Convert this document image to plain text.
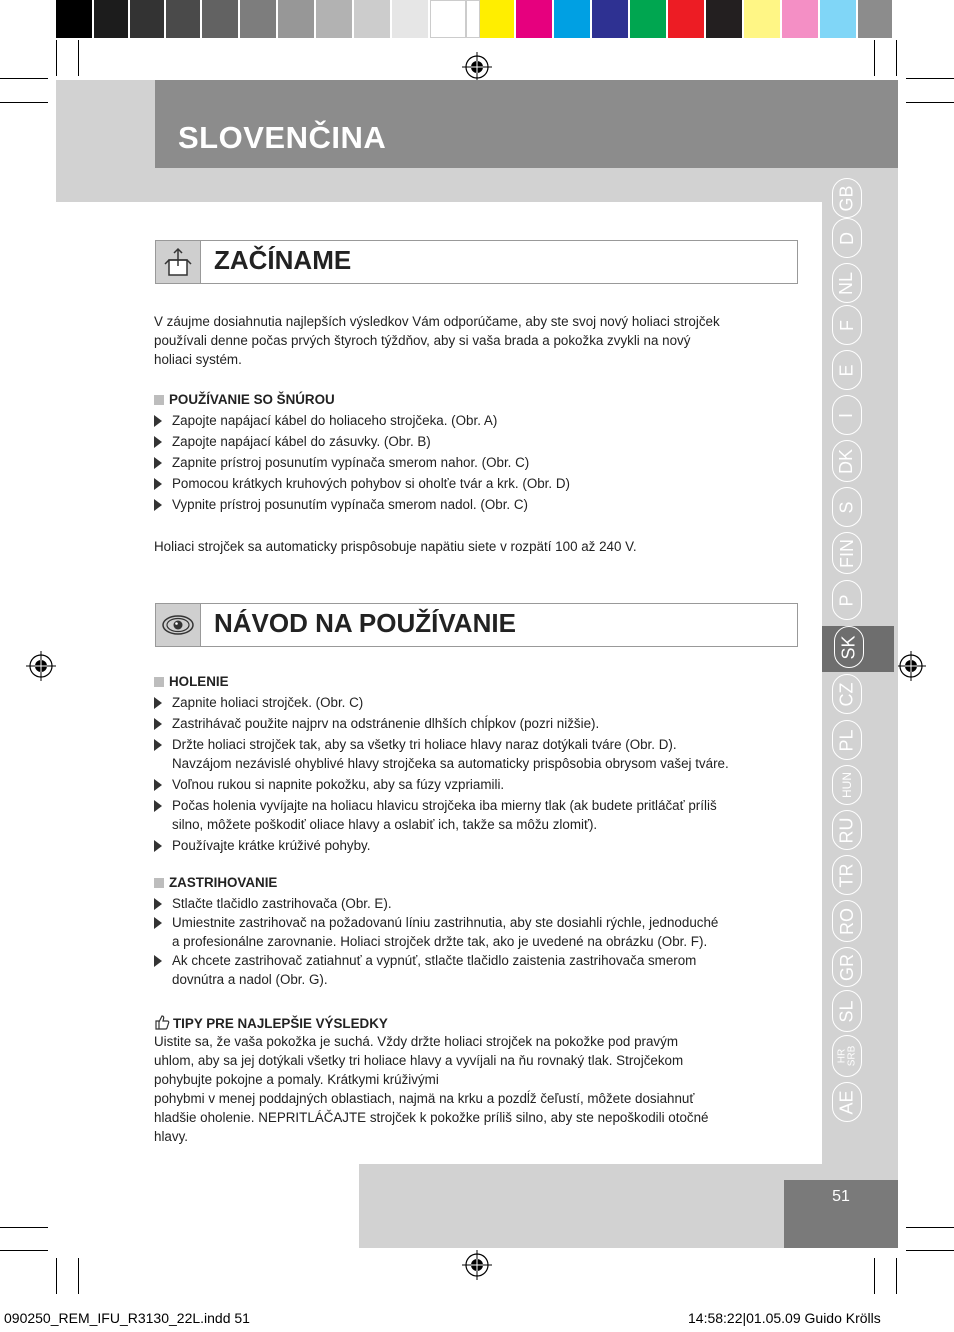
SLOVENČINA
GB
D
NL
F
E
I
DK
S
FIN
P
SK
CZ
PL
HUN
RU
TR
RO
GR
SL
HR SRB
AE
51
ZAČÍNAME
V záujme dosiahnutia najlepších výsledkov Vám odporúčame, aby ste svoj nový holiaci strojček
používali denne počas prvých štyroch týždňov, aby si vaša brada a pokožka zvykli na nový
holiaci systém.
POUŽÍVANIE SO ŠNÚROU
Zapojte napájací kábel do holiaceho strojčeka. (Obr. A)
Zapojte napájací kábel do zásuvky. (Obr. B)
Zapnite prístroj posunutím vypínača smerom nahor. (Obr. C)
Pomocou krátkych kruhových pohybov si oholťe tvár a krk. (Obr. D)
Vypnite prístroj posunutím vypínača smerom nadol. (Obr. C)
Holiaci strojček sa automaticky prispôsobuje napätiu siete v rozpätí 100 až 240 V.
NÁVOD NA POUŽÍVANIE
HOLENIE
Zapnite holiaci strojček. (Obr. C)
Zastrihávač použite najprv na odstránenie dlhších chĺpkov (pozri nižšie).
Držte holiaci strojček tak, aby sa všetky tri holiace hlavy naraz dotýkali tváre (Obr. D).
Navzájom nezávislé ohyblivé hlavy strojčeka sa automaticky prispôsobia obrysom vašej tváre.
Voľnou rukou si napnite pokožku, aby sa fúzy vzpriamili.
Počas holenia vyvíjajte na holiacu hlavicu strojčeka iba mierny tlak (ak budete pritláčať príliš
silno, môžete poškodiť oliace hlavy a oslabiť ich, takže sa môžu zlomiť).
Používajte krátke krúživé pohyby.
ZASTRIHOVANIE
Stlačte tlačidlo zastrihovača (Obr. E).
Umiestnite zastrihovač na požadovanú líniu zastrihnutia, aby ste dosiahli rýchle, jednoduché
a profesionálne zarovnanie. Holiaci strojček držte tak, ako je uvedené na obrázku (Obr. F).
Ak chcete zastrihovač zatiahnuť a vypnúť, stlačte tlačidlo zaistenia zastrihovača smerom
dovnútra a nadol (Obr. G).
TIPY PRE NAJLEPŠIE VÝSLEDKY
Uistite sa, že vaša pokožka je suchá. Vždy držte holiaci strojček na pokožke pod pravým
uhlom, aby sa jej dotýkali všetky tri holiace hlavy a vyvíjali na ňu rovnaký tlak. Strojčekom
pohybujte pokojne a pomaly. Krátkymi krúživými
pohybmi v menej poddajných oblastiach, najmä na krku a pozdĺž čeľustí, môžete dosiahnuť
hladšie oholenie. NEPRITLÁČAJTE strojček k pokožke príliš silno, aby ste nepoškodili otočné
hlavy.
090250_REM_IFU_R3130_22L.indd 51	14:58:22|01.05.09 Guido Krölls
